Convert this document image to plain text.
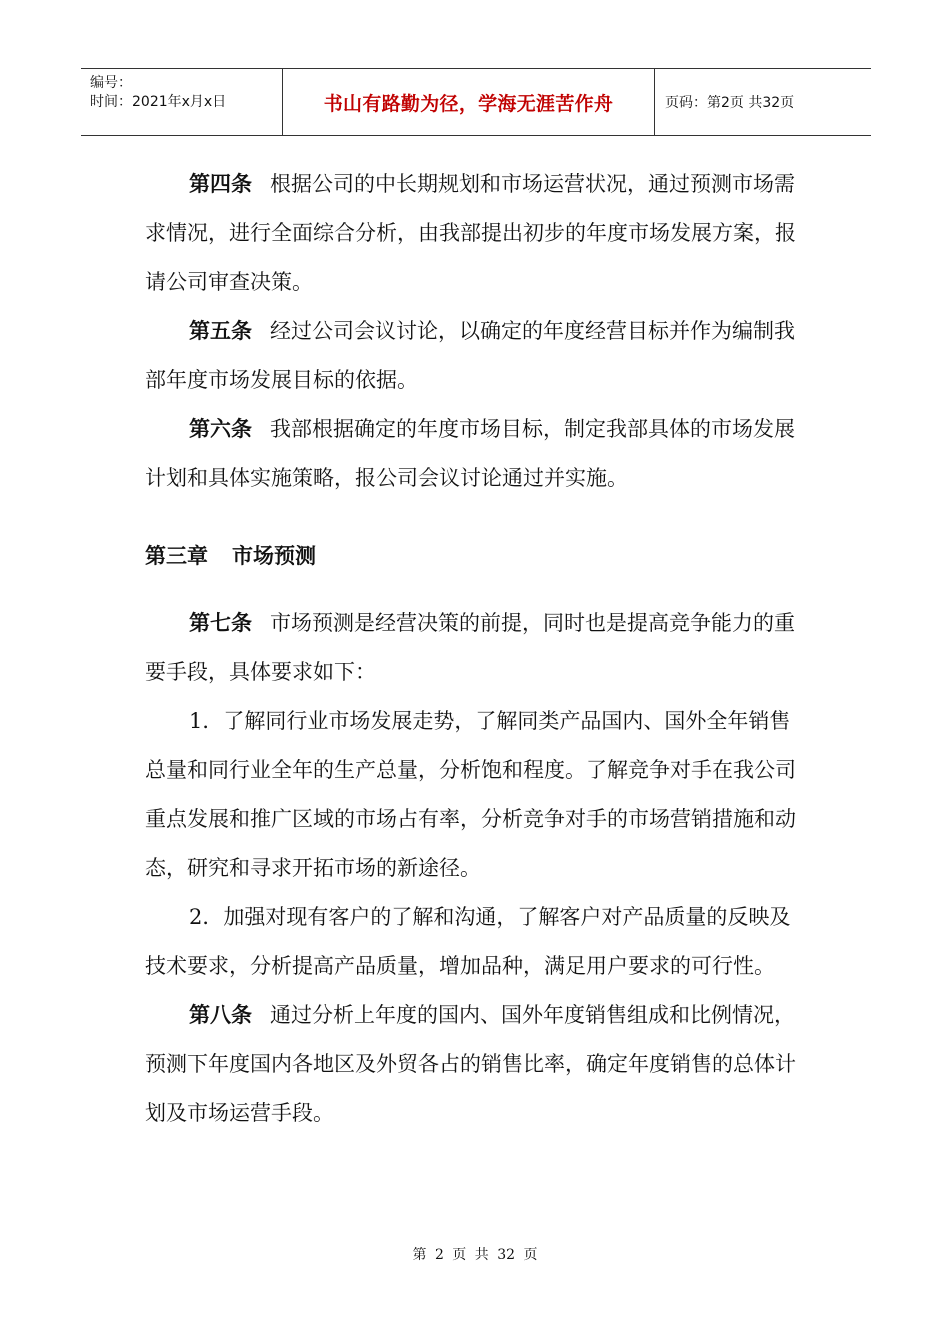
编号：
时间：2021年x月x日	书山有路勤为径，学海无涯苦作舟	页码：第2页 共32页

第四条 根据公司的中长期规划和市场运营状况，通过预测市场需求情况，进行全面综合分析，由我部提出初步的年度市场发展方案，报请公司审查决策。

第五条 经过公司会议讨论，以确定的年度经营目标并作为编制我部年度市场发展目标的依据。

第六条 我部根据确定的年度市场目标，制定我部具体的市场发展计划和具体实施策略，报公司会议讨论通过并实施。

第三章 市场预测

第七条 市场预测是经营决策的前提，同时也是提高竞争能力的重要手段，具体要求如下：

1．了解同行业市场发展走势，了解同类产品国内、国外全年销售总量和同行业全年的生产总量，分析饱和程度。了解竞争对手在我公司重点发展和推广区域的市场占有率，分析竞争对手的市场营销措施和动态，研究和寻求开拓市场的新途径。

2．加强对现有客户的了解和沟通，了解客户对产品质量的反映及技术要求，分析提高产品质量，增加品种，满足用户要求的可行性。

第八条 通过分析上年度的国内、国外年度销售组成和比例情况，预测下年度国内各地区及外贸各占的销售比率，确定年度销售的总体计划及市场运营手段。

第 2 页 共 32 页
